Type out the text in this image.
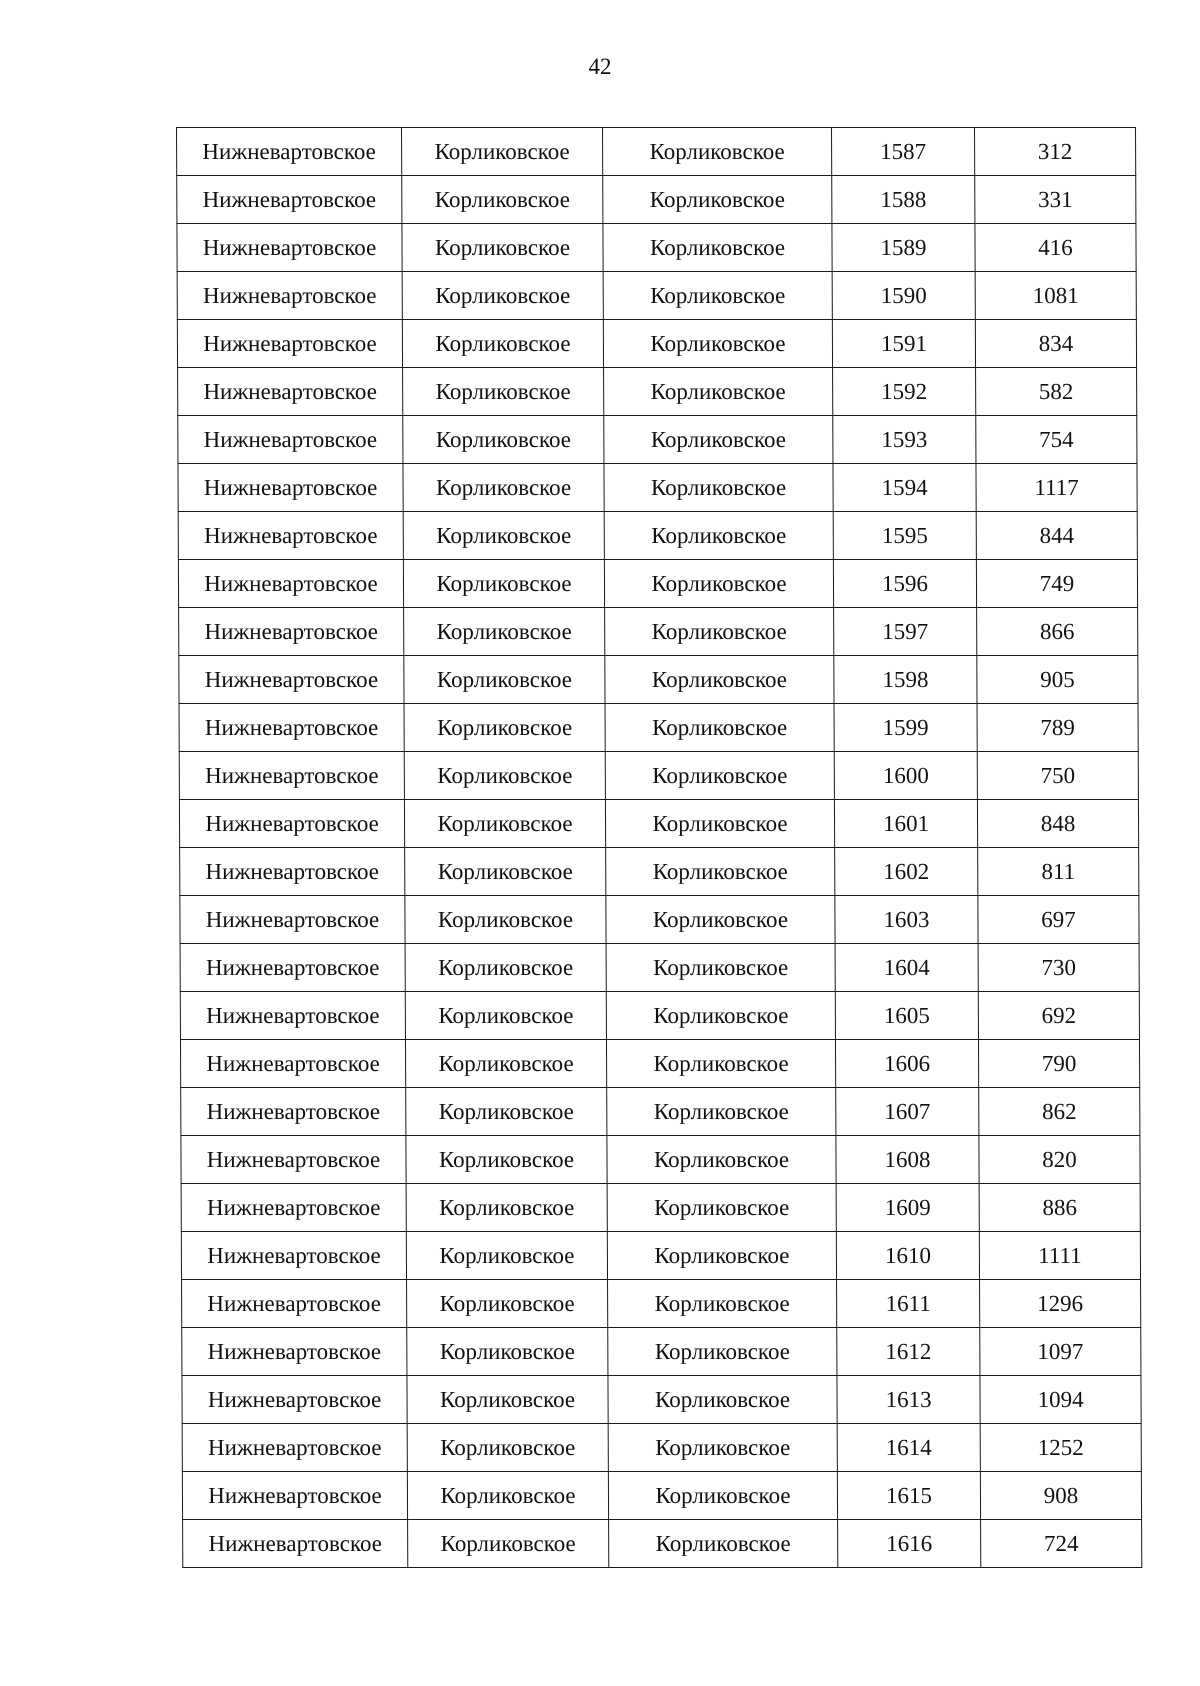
42
Нижневартовское	Корликовское	Корликовское	1587	312
Нижневартовское	Корликовское	Корликовское	1588	331
Нижневартовское	Корликовское	Корликовское	1589	416
Нижневартовское	Корликовское	Корликовское	1590	1081
Нижневартовское	Корликовское	Корликовское	1591	834
Нижневартовское	Корликовское	Корликовское	1592	582
Нижневартовское	Корликовское	Корликовское	1593	754
Нижневартовское	Корликовское	Корликовское	1594	1117
Нижневартовское	Корликовское	Корликовское	1595	844
Нижневартовское	Корликовское	Корликовское	1596	749
Нижневартовское	Корликовское	Корликовское	1597	866
Нижневартовское	Корликовское	Корликовское	1598	905
Нижневартовское	Корликовское	Корликовское	1599	789
Нижневартовское	Корликовское	Корликовское	1600	750
Нижневартовское	Корликовское	Корликовское	1601	848
Нижневартовское	Корликовское	Корликовское	1602	811
Нижневартовское	Корликовское	Корликовское	1603	697
Нижневартовское	Корликовское	Корликовское	1604	730
Нижневартовское	Корликовское	Корликовское	1605	692
Нижневартовское	Корликовское	Корликовское	1606	790
Нижневартовское	Корликовское	Корликовское	1607	862
Нижневартовское	Корликовское	Корликовское	1608	820
Нижневартовское	Корликовское	Корликовское	1609	886
Нижневартовское	Корликовское	Корликовское	1610	1111
Нижневартовское	Корликовское	Корликовское	1611	1296
Нижневартовское	Корликовское	Корликовское	1612	1097
Нижневартовское	Корликовское	Корликовское	1613	1094
Нижневартовское	Корликовское	Корликовское	1614	1252
Нижневартовское	Корликовское	Корликовское	1615	908
Нижневартовское	Корликовское	Корликовское	1616	724
